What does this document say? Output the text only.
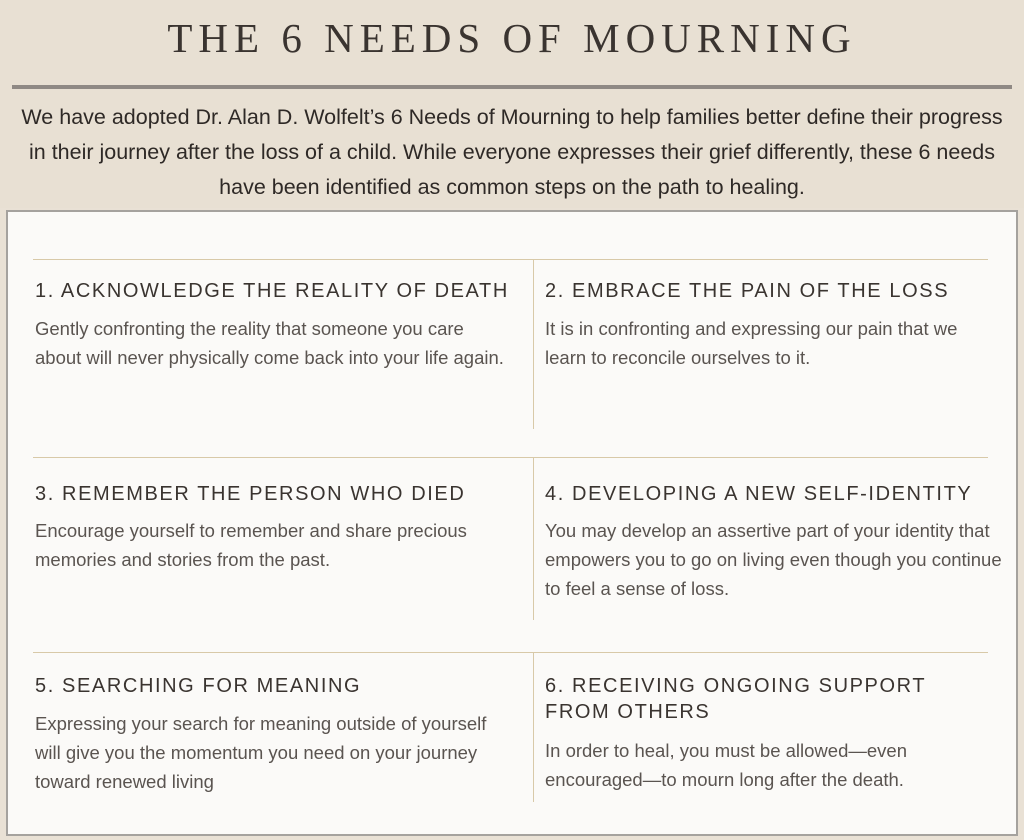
THE 6 NEEDS OF MOURNING
We have adopted Dr. Alan D. Wolfelt’s 6 Needs of Mourning to help families better define their progress in their journey after the loss of a child. While everyone expresses their grief differently, these 6 needs have been identified as common steps on the path to healing.
1. ACKNOWLEDGE THE REALITY OF DEATH
Gently confronting the reality that someone you care about will never physically come back into your life again.
2. EMBRACE THE PAIN OF THE LOSS
It is in confronting and expressing our pain that we learn to reconcile ourselves to it.
3. REMEMBER THE PERSON WHO DIED
Encourage yourself to remember and share precious memories and stories from the past.
4. DEVELOPING A NEW SELF-IDENTITY
You may develop an assertive part of your identity that empowers you to go on living even though you continue to feel a sense of loss.
5. SEARCHING FOR MEANING
Expressing your search for meaning outside of yourself will give you the momentum you need on your journey toward renewed living
6. RECEIVING ONGOING SUPPORT FROM OTHERS
In order to heal, you must be allowed—even encouraged—to mourn long after the death.
